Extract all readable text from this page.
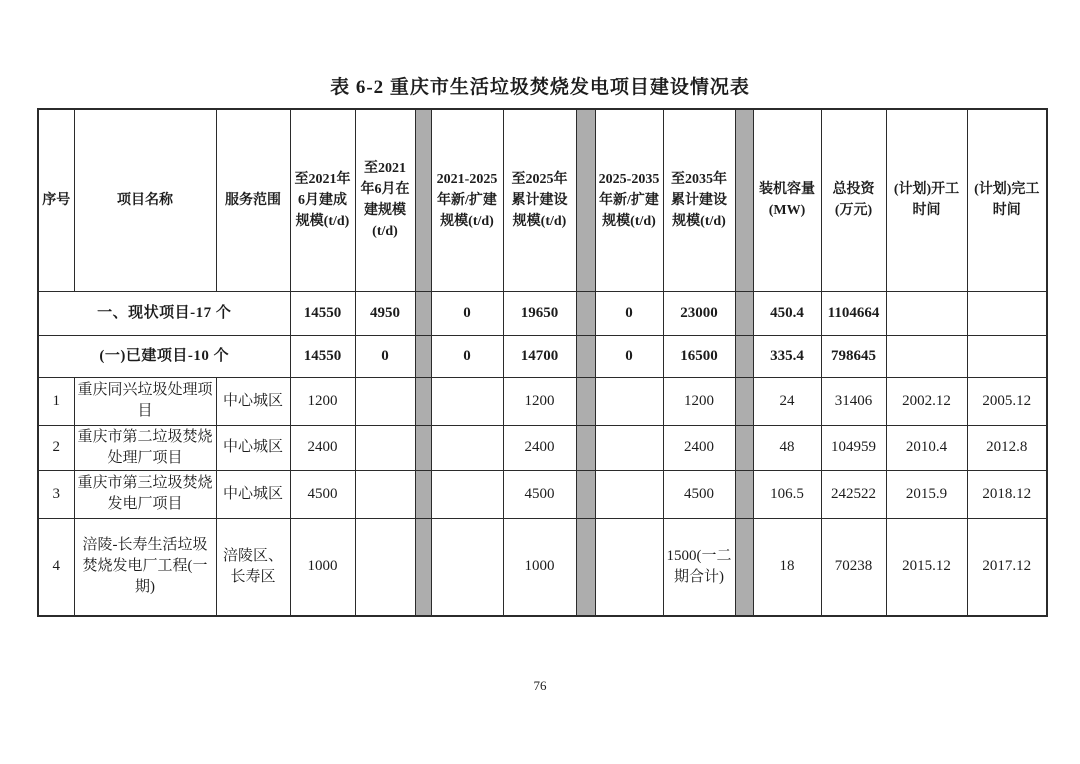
表 6-2 重庆市生活垃圾焚烧发电项目建设情况表
序号	项目名称	服务范围	至2021年6月建成规模(t/d)	至2021年6月在建规模(t/d)		2021-2025年新/扩建规模(t/d)	至2025年累计建设规模(t/d)		2025-2035年新/扩建规模(t/d)	至2035年累计建设规模(t/d)		装机容量(MW)	总投资(万元)	(计划)开工时间	(计划)完工时间
一、现状项目-17 个			14550	4950		0	19650		0	23000		450.4	1104664		
(一)已建项目-10 个			14550	0		0	14700		0	16500		335.4	798645		
1	重庆同兴垃圾处理项目	中心城区	1200				1200			1200		24	31406	2002.12	2005.12
2	重庆市第二垃圾焚烧处理厂项目	中心城区	2400				2400			2400		48	104959	2010.4	2012.8
3	重庆市第三垃圾焚烧发电厂项目	中心城区	4500				4500			4500		106.5	242522	2015.9	2018.12
4	涪陵-长寿生活垃圾焚烧发电厂工程(一期)	涪陵区、长寿区	1000				1000			1500(一二期合计)		18	70238	2015.12	2017.12
76
